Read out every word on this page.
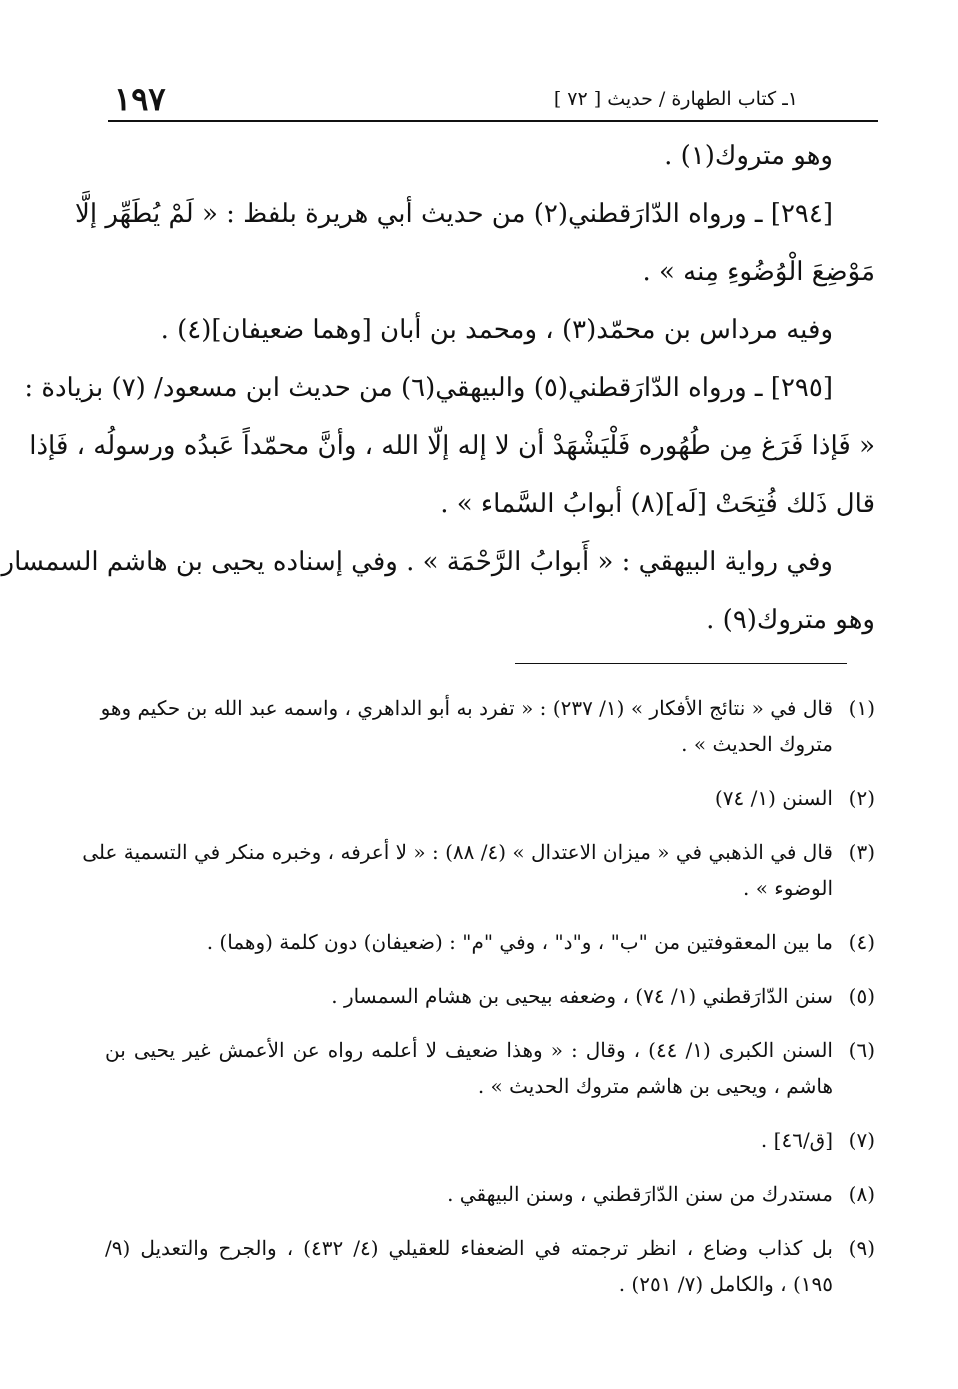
١٩٧	١ـ كتاب الطهارة / حديث [ ٧٢ ]

وهو متروك(١) .

[٢٩٤] ـ ورواه الدّارَقطني(٢) من حديث أبي هريرة بلفظ : « لَمْ يُطَهِّر إلَّا

مَوْضِعَ الْوُضُوءِ مِنه » .

وفيه مرداس بن محمّد(٣) ، ومحمد بن أبان [وهما ضعيفان](٤) .

[٢٩٥] ـ ورواه الدّارَقطني(٥) والبيهقي(٦) من حديث ابن مسعود/ (٧) بزيادة :

« فَإذا فَرَغ مِن طُهُوره فَلْيَشْهَدْ أن لا إله إلّا الله ، وأنَّ محمّداً عَبدُه ورسولُه ، فَإذا

قال ذَلك فُتِحَتْ [لَه](٨) أبوابُ السَّماء » .

وفي رواية البيهقي : « أَبوابُ الرَّحْمَة » . وفي إسناده يحيى بن هاشم السمسار

وهو متروك(٩) .

(١)
قال في « نتائج الأفكار » (١/ ٢٣٧) : « تفرد به أبو الداهري ، واسمه عبد الله بن حكيم وهو
متروك الحديث » .
(٢)
السنن (١/ ٧٤)
(٣)
قال في الذهبي في « ميزان الاعتدال » (٤/ ٨٨) : « لا أعرفه ، وخبره منكر في التسمية على
الوضوء » .
(٤)
ما بين المعقوفتين من "ب" ، و"د" ، وفي "م" : (ضعيفان) دون كلمة (وهما) .
(٥)
سنن الدّارَقطني (١/ ٧٤) ، وضعفه بيحيى بن هشام السمسار .
(٦)
السنن الكبرى (١/ ٤٤) ، وقال : « وهذا ضعيف لا أعلمه رواه عن الأعمش غير يحيى بن
هاشم ، ويحيى بن هاشم متروك الحديث » .
(٧)
[ق/٤٦] .
(٨)
مستدرك من سنن الدّارَقطني ، وسنن البيهقي .
(٩)
بل كذاب وضاع ، انظر ترجمته في الضعفاء للعقيلي (٤/ ٤٣٢) ، والجرح والتعديل (٩/
١٩٥) ، والكامل (٧/ ٢٥١) .
